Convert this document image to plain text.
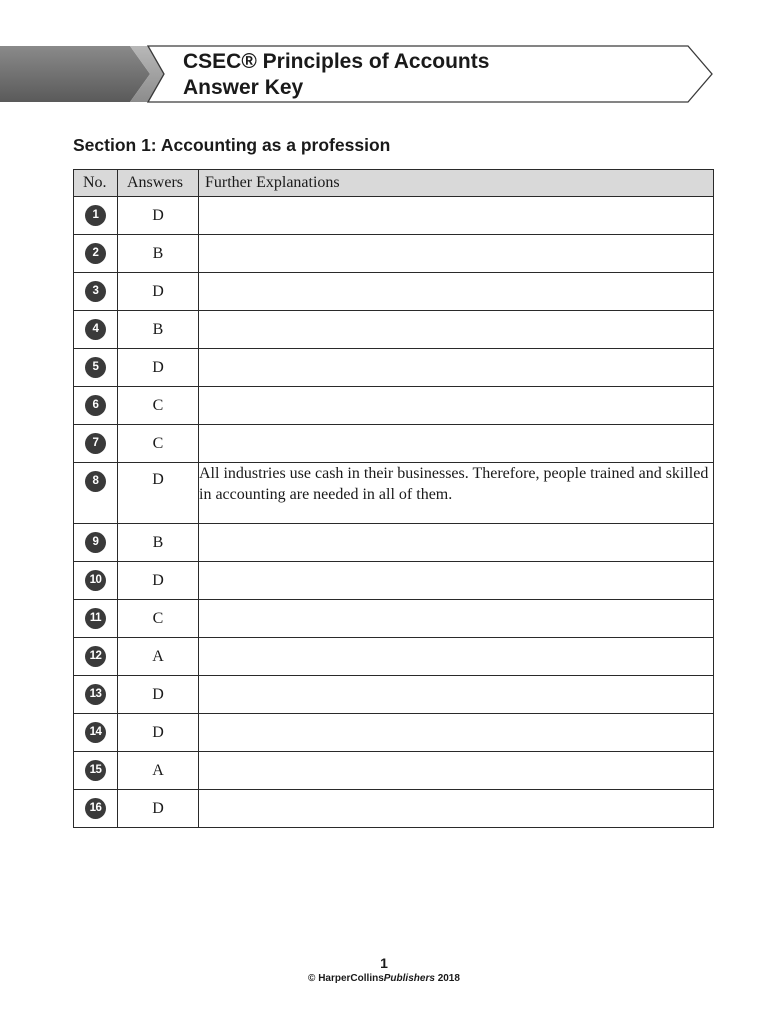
CSEC® Principles of Accounts
Answer Key
Section 1: Accounting as a profession
No.	Answers	Further Explanations
1	D	
2	B	
3	D	
4	B	
5	D	
6	C	
7	C	
8	D	All industries use cash in their businesses. Therefore, people trained and skilled in accounting are needed in all of them.
9	B	
10	D	
11	C	
12	A	
13	D	
14	D	
15	A	
16	D	
1
© HarperCollinsPublishers 2018
